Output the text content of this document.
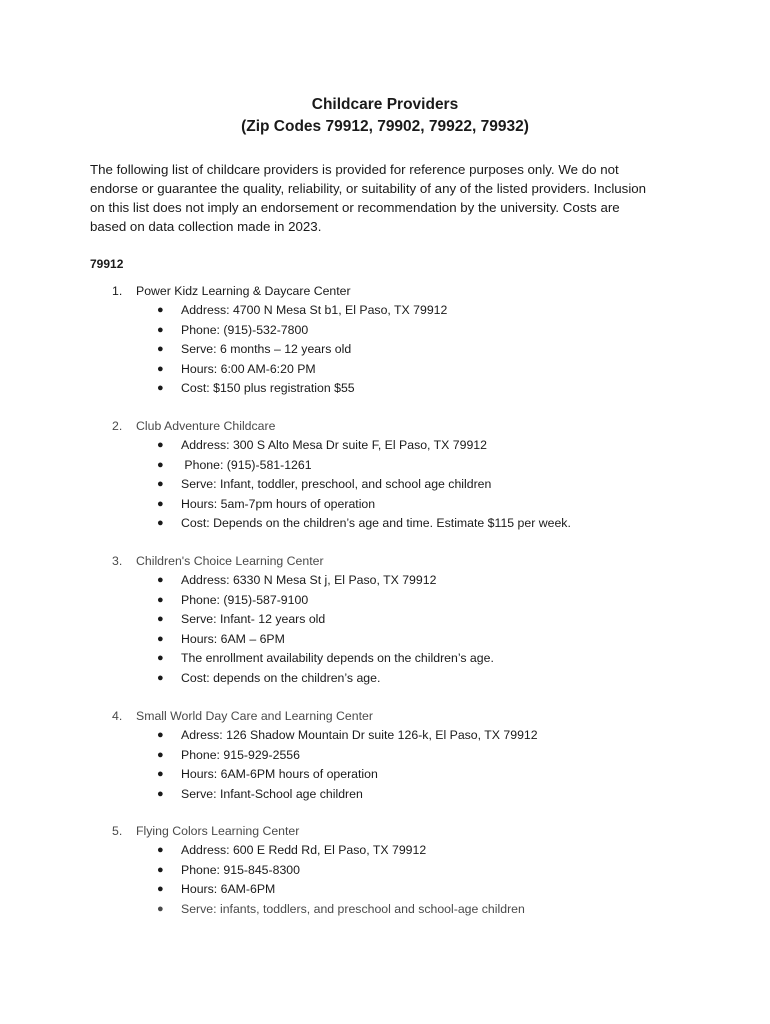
Childcare Providers
(Zip Codes 79912, 79902, 79922, 79932)
The following list of childcare providers is provided for reference purposes only. We do not
endorse or guarantee the quality, reliability, or suitability of any of the listed providers. Inclusion
on this list does not imply an endorsement or recommendation by the university. Costs are
based on data collection made in 2023.
79912
1. Power Kidz Learning & Daycare Center
● Address: 4700 N Mesa St b1, El Paso, TX 79912
● Phone: (915)-532-7800
● Serve: 6 months – 12 years old
● Hours: 6:00 AM-6:20 PM
● Cost: $150 plus registration $55
2. Club Adventure Childcare
● Address: 300 S Alto Mesa Dr suite F, El Paso, TX 79912
● Phone: (915)-581-1261
● Serve: Infant, toddler, preschool, and school age children
● Hours: 5am-7pm hours of operation
● Cost: Depends on the children’s age and time. Estimate $115 per week.
3. Children's Choice Learning Center
● Address: 6330 N Mesa St j, El Paso, TX 79912
● Phone: (915)-587-9100
● Serve: Infant- 12 years old
● Hours: 6AM – 6PM
● The enrollment availability depends on the children’s age.
● Cost: depends on the children’s age.
4. Small World Day Care and Learning Center
● Adress: 126 Shadow Mountain Dr suite 126-k, El Paso, TX 79912
● Phone: 915-929-2556
● Hours: 6AM-6PM hours of operation
● Serve: Infant-School age children
5. Flying Colors Learning Center
● Address: 600 E Redd Rd, El Paso, TX 79912
● Phone: 915-845-8300
● Hours: 6AM-6PM
● Serve: infants, toddlers, and preschool and school-age children
